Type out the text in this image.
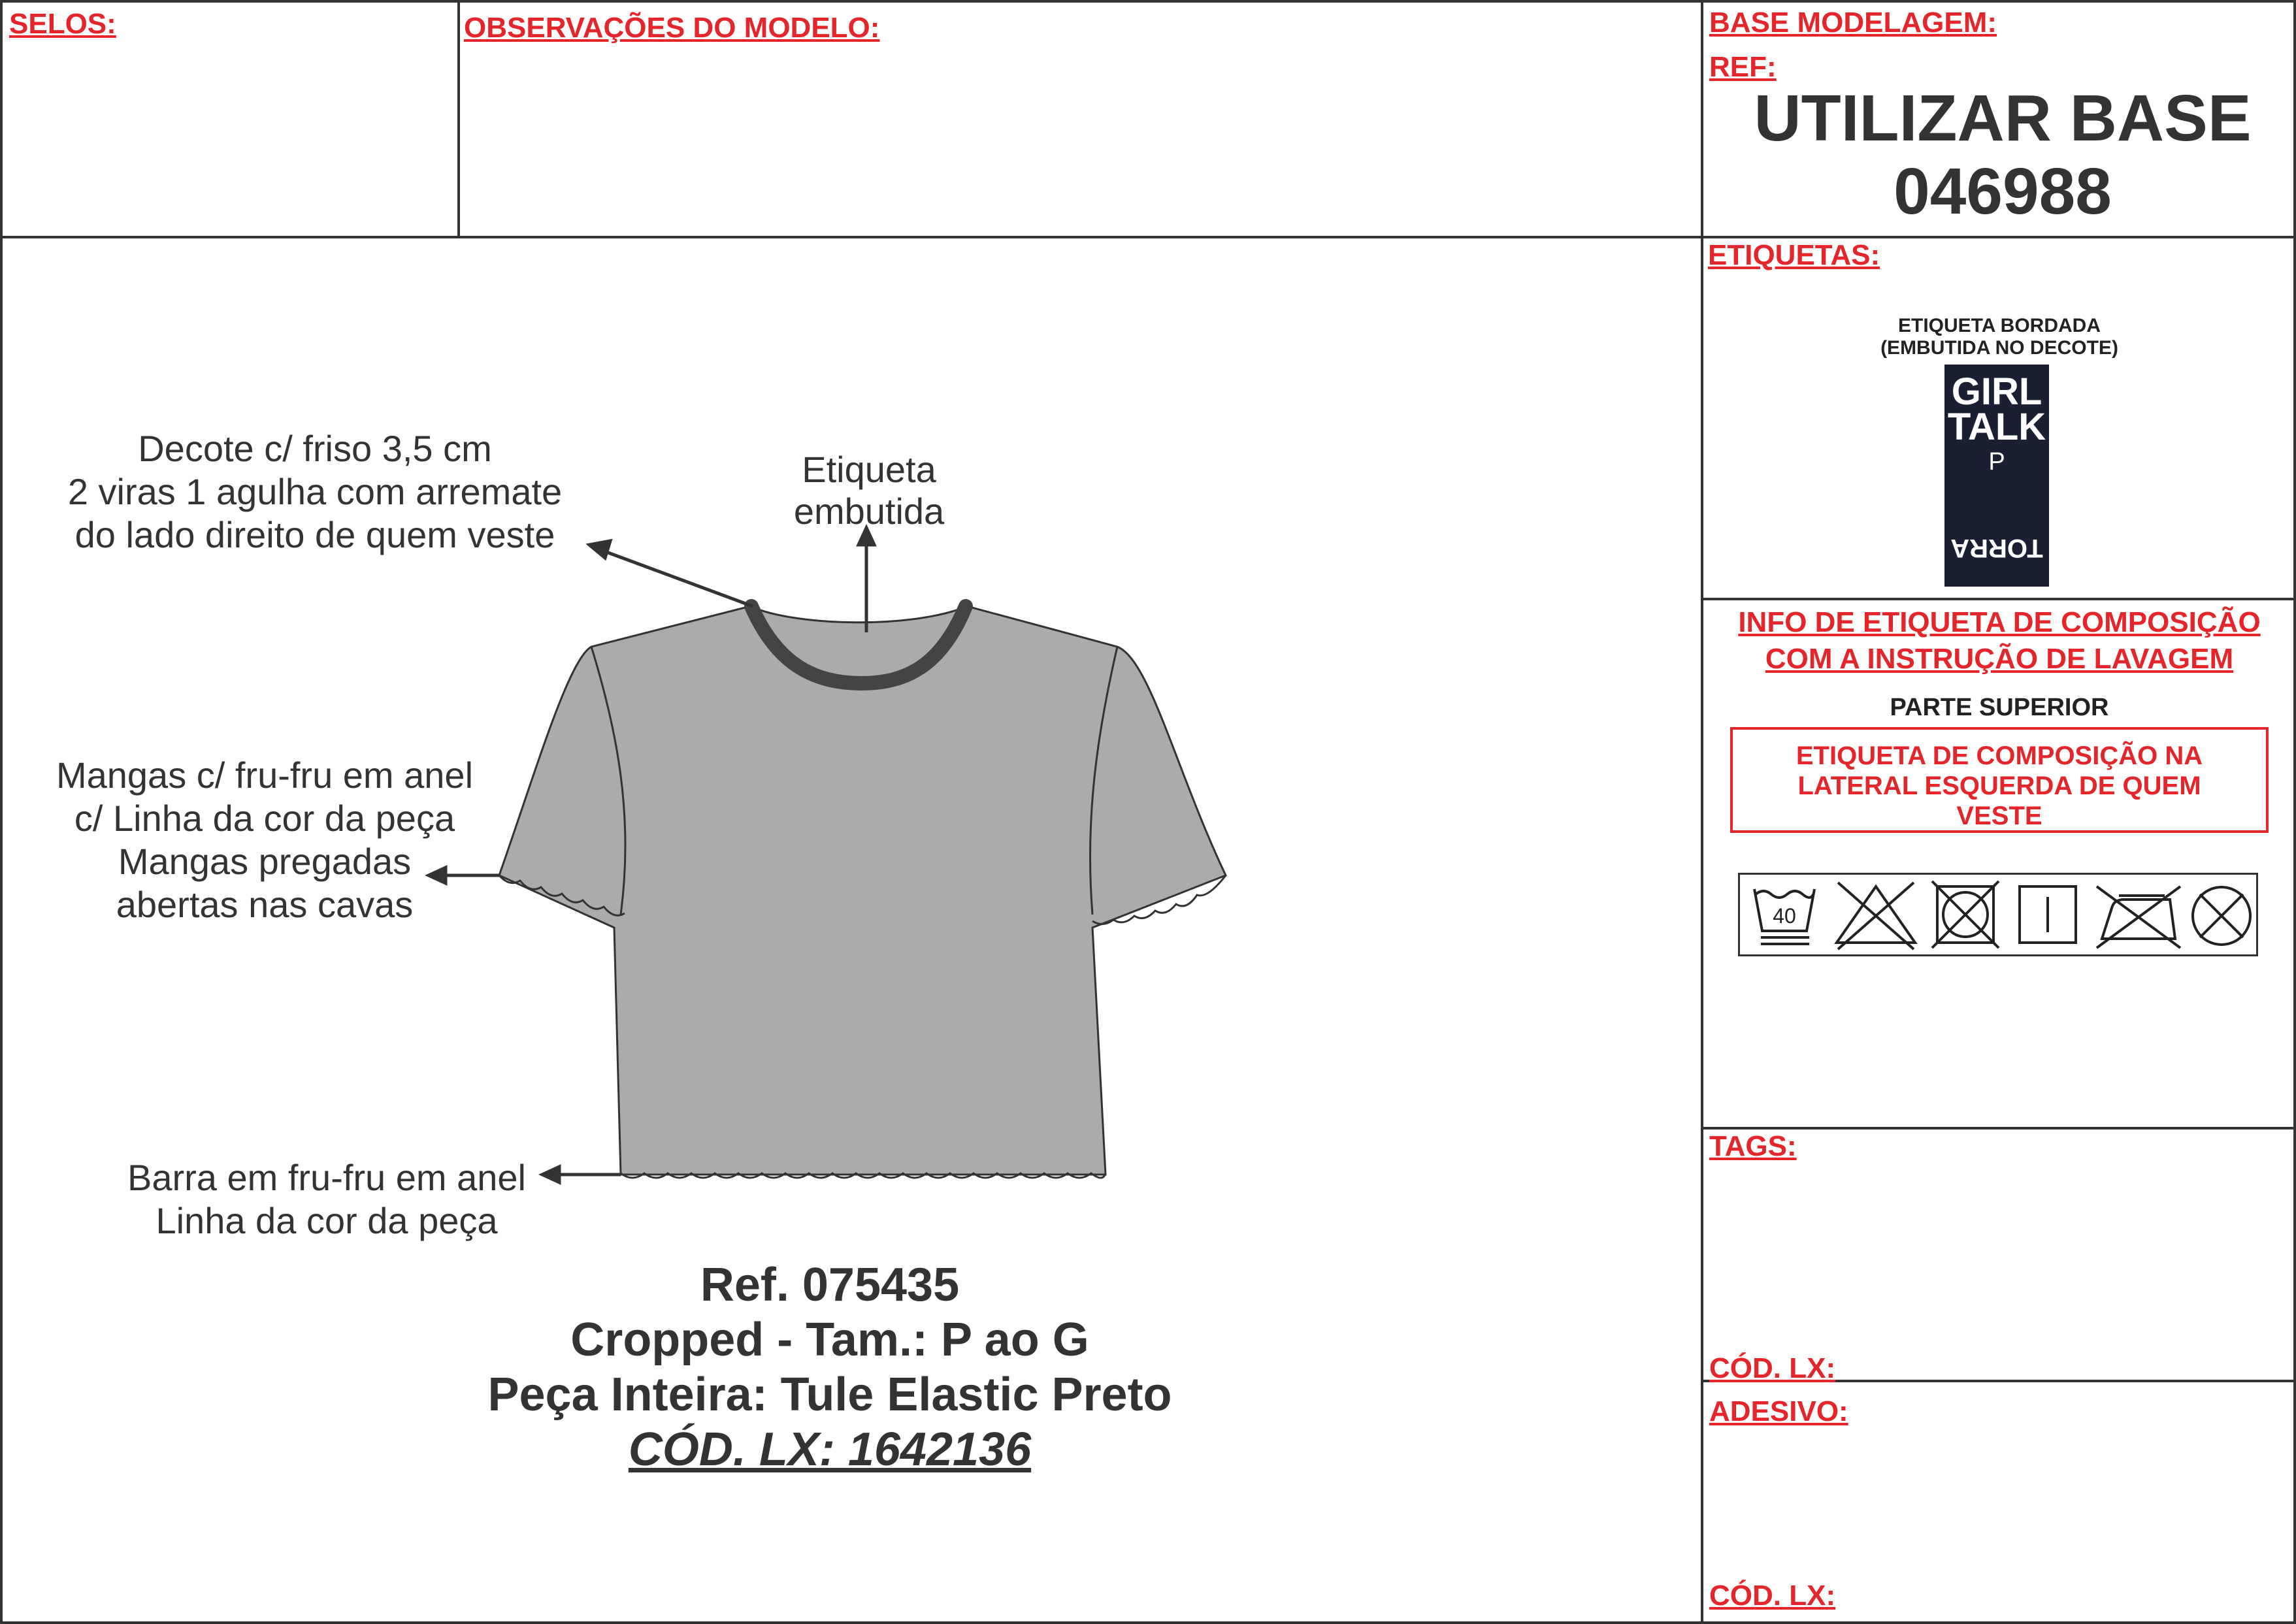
SELOS:	OBSERVAÇÕES DO MODELO:	BASE MODELAGEM:
REF:
UTILIZAR BASE
046988
ETIQUETAS:
ETIQUETA BORDADA
(EMBUTIDA NO DECOTE)
GIRL
TALK
P
TORRA
INFO DE ETIQUETA DE COMPOSIÇÃO
COM A INSTRUÇÃO DE LAVAGEM
PARTE SUPERIOR
ETIQUETA DE COMPOSIÇÃO NA
LATERAL ESQUERDA DE QUEM
VESTE
40
TAGS:
CÓD. LX:
ADESIVO:
CÓD. LX:
Decote c/ friso 3,5 cm
2 viras 1 agulha com arremate
do lado direito de quem veste
Etiqueta
embutida
Mangas c/ fru-fru em anel
c/ Linha da cor da peça
Mangas pregadas
abertas nas cavas
Barra em fru-fru em anel
Linha da cor da peça
Ref. 075435
Cropped - Tam.: P ao G
Peça Inteira: Tule Elastic Preto
CÓD. LX: 1642136
